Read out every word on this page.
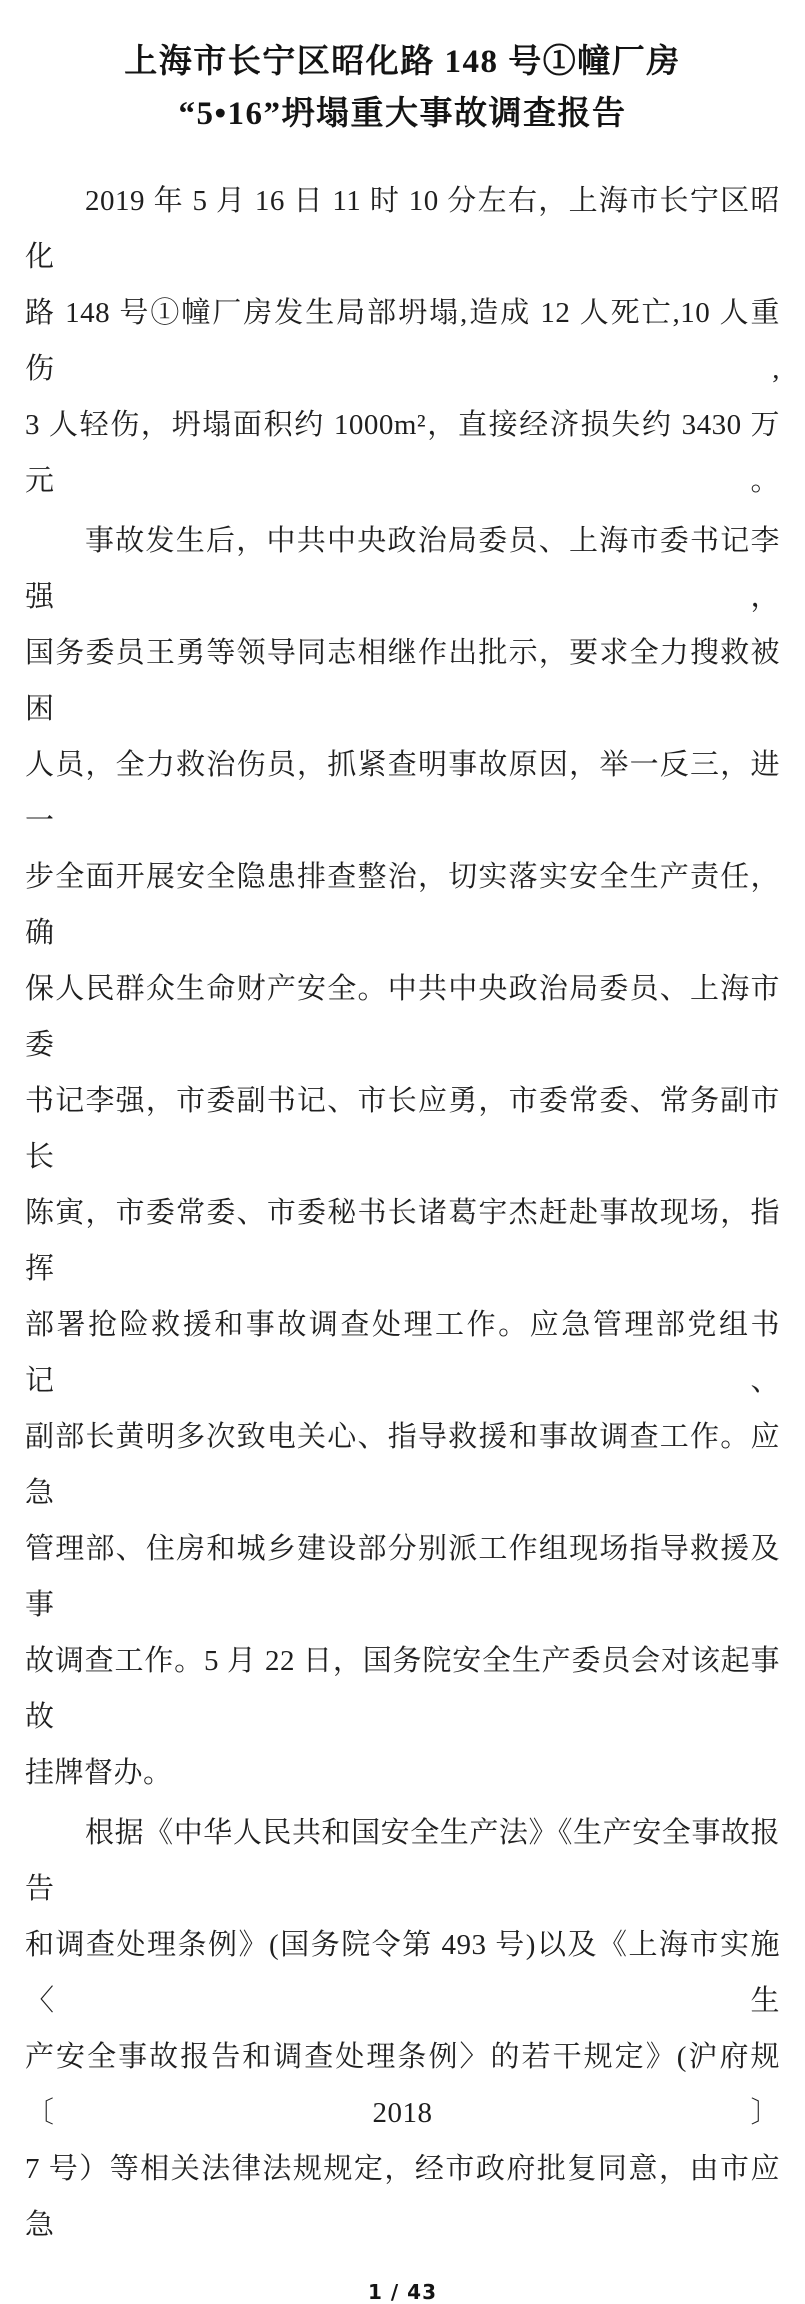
上海市长宁区昭化路 148 号①幢厂房
“5•16”坍塌重大事故调查报告
2019 年 5 月 16 日 11 时 10 分左右，上海市长宁区昭化
路 148 号①幢厂房发生局部坍塌,造成 12 人死亡,10 人重伤,
3 人轻伤，坍塌面积约 1000m²，直接经济损失约 3430 万元。
事故发生后，中共中央政治局委员、上海市委书记李强，
国务委员王勇等领导同志相继作出批示，要求全力搜救被困
人员，全力救治伤员，抓紧查明事故原因，举一反三，进一
步全面开展安全隐患排查整治，切实落实安全生产责任，确
保人民群众生命财产安全。中共中央政治局委员、上海市委
书记李强，市委副书记、市长应勇，市委常委、常务副市长
陈寅，市委常委、市委秘书长诸葛宇杰赶赴事故现场，指挥
部署抢险救援和事故调查处理工作。应急管理部党组书记、
副部长黄明多次致电关心、指导救援和事故调查工作。应急
管理部、住房和城乡建设部分别派工作组现场指导救援及事
故调查工作。5 月 22 日，国务院安全生产委员会对该起事故
挂牌督办。
根据《中华人民共和国安全生产法》《生产安全事故报告
和调查处理条例》(国务院令第 493 号)以及《上海市实施〈生
产安全事故报告和调查处理条例〉的若干规定》(沪府规〔2018〕
7 号）等相关法律法规规定，经市政府批复同意，由市应急
1 / 43
